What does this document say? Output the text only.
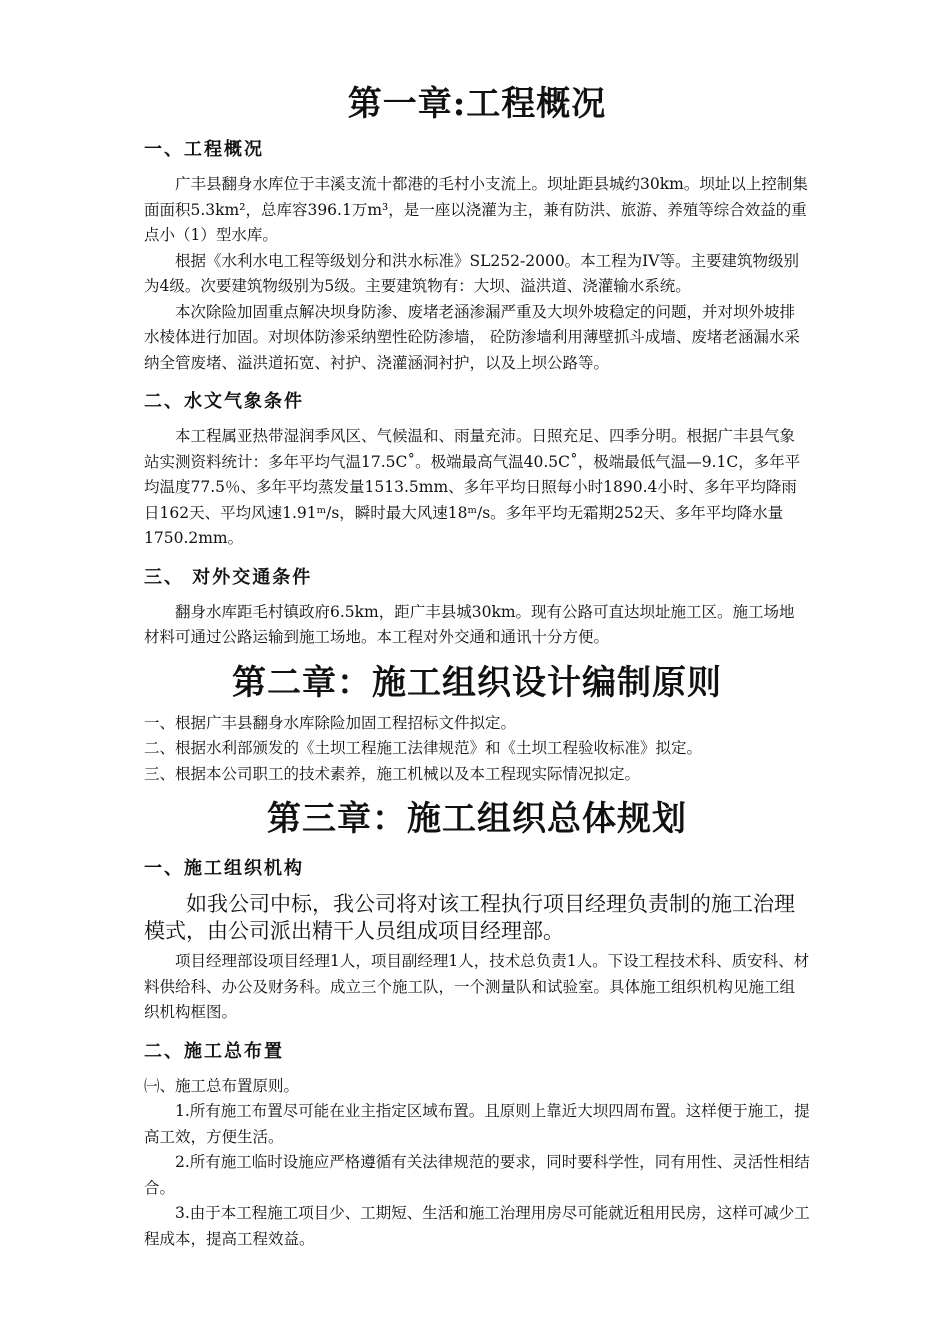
第一章:工程概况
一、工程概况

广丰县翻身水库位于丰溪支流十都港的毛村小支流上。坝址距县城约30km。坝址以上控制集面面积5.3km²，总库容396.1万m³，是一座以浇灌为主，兼有防洪、旅游、养殖等综合效益的重点小（1）型水库。

根据《水利水电工程等级划分和洪水标准》SL252-2000。本工程为IV等。主要建筑物级别为4级。次要建筑物级别为5级。主要建筑物有：大坝、溢洪道、浇灌输水系统。

本次除险加固重点解决坝身防渗、废堵老涵渗漏严重及大坝外坡稳定的问题，并对坝外坡排水棱体进行加固。对坝体防渗采纳塑性砼防渗墙， 砼防渗墙利用薄壁抓斗成墙、废堵老涵漏水采纳全管废堵、溢洪道拓宽、衬护、浇灌涵洞衬护，以及上坝公路等。

二、水文气象条件

本工程属亚热带湿润季风区、气候温和、雨量充沛。日照充足、四季分明。根据广丰县气象站实测资料统计：多年平均气温17.5C˚。极端最高气温40.5C˚，极端最低气温—9.1C，多年平均温度77.5％、多年平均蒸发量1513.5mm、多年平均日照每小时1890.4小时、多年平均降雨日162天、平均风速1.91ᵐ/s，瞬时最大风速18ᵐ/s。多年平均无霜期252天、多年平均降水量1750.2mm。

三、 对外交通条件

翻身水库距毛村镇政府6.5km，距广丰县城30km。现有公路可直达坝址施工区。施工场地材料可通过公路运输到施工场地。本工程对外交通和通讯十分方便。

第二章：施工组织设计编制原则

一、根据广丰县翻身水库除险加固工程招标文件拟定。

二、根据水利部颁发的《土坝工程施工法律规范》和《土坝工程验收标准》拟定。

三、根据本公司职工的技术素养，施工机械以及本工程现实际情况拟定。

第三章：施工组织总体规划
一、施工组织机构

如我公司中标，我公司将对该工程执行项目经理负责制的施工治理模式，由公司派出精干人员组成项目经理部。

项目经理部设项目经理1人，项目副经理1人，技术总负责1人。下设工程技术科、质安科、材料供给科、办公及财务科。成立三个施工队，一个测量队和试验室。具体施工组织机构见施工组织机构框图。

二、施工总布置

㈠、施工总布置原则。

1.所有施工布置尽可能在业主指定区域布置。且原则上靠近大坝四周布置。这样便于施工，提高工效，方便生活。

2.所有施工临时设施应严格遵循有关法律规范的要求，同时要科学性，同有用性、灵活性相结合。

3.由于本工程施工项目少、工期短、生活和施工治理用房尽可能就近租用民房，这样可减少工程成本，提高工程效益。
